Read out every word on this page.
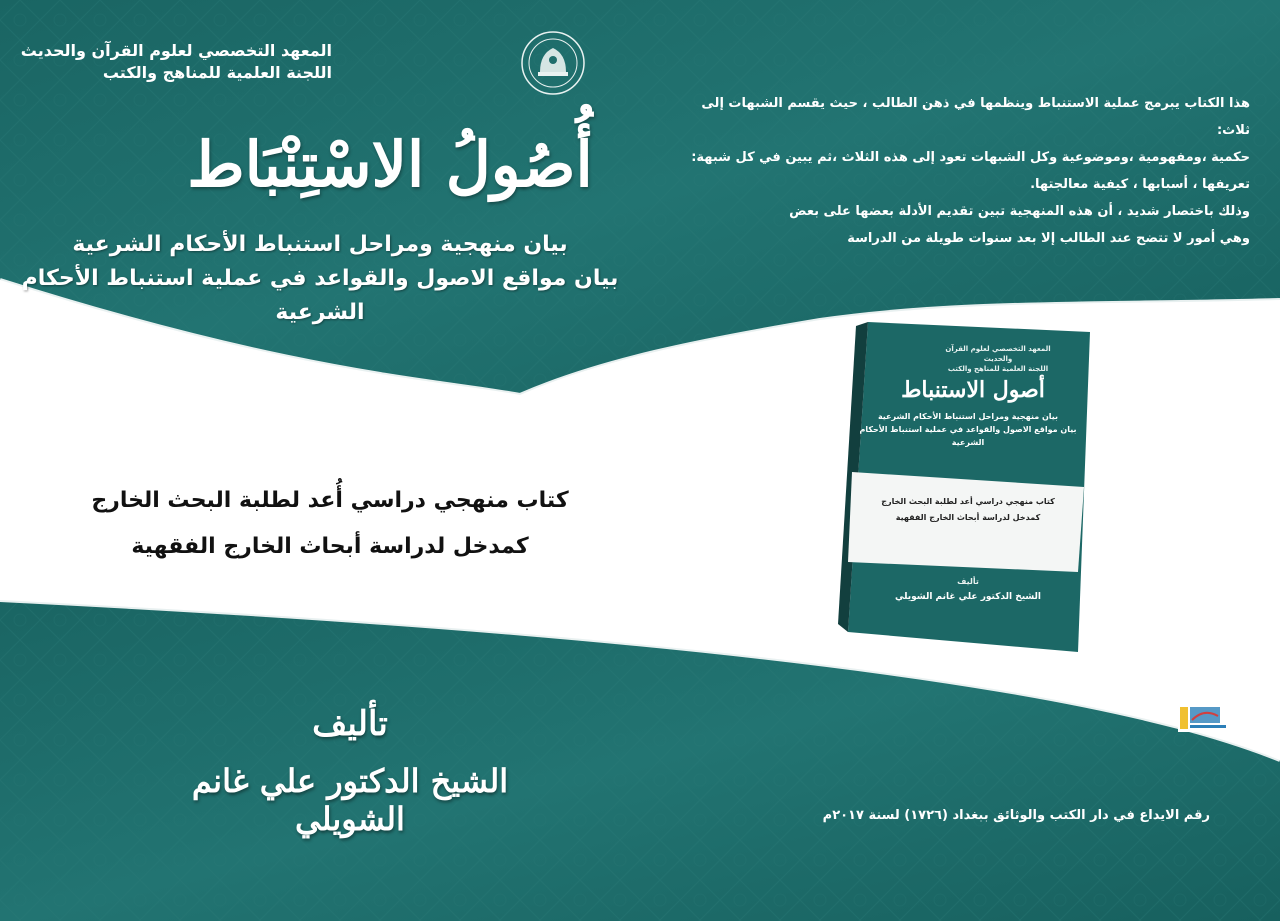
المعهد التخصصي لعلوم القرآن والحديث
اللجنة العلمية للمناهج والكتب
أُصُولُ الاسْتِنْبَاط
بيان منهجية ومراحل استنباط الأحكام الشرعية
بيان مواقع الاصول والقواعد في عملية استنباط الأحكام الشرعية
هذا الكتاب يبرمج عملية الاستنباط وينظمها في ذهن الطالب ، حيث يقسم الشبهات إلى ثلاث:
حكمية ،ومفهومية ،وموضوعية وكل الشبهات تعود إلى هذه الثلاث ،ثم يبين في كل شبهة:
تعريفها ، أسبابها ، كيفية معالجتها.
وذلك باختصار شديد ، أن هذه المنهجية تبين تقديم الأدلة بعضها على بعض
وهي أمور لا تتضح عند الطالب إلا بعد سنوات طويلة من الدراسة
كتاب منهجي دراسي أُعد لطلبة البحث الخارج
كمدخل لدراسة أبحاث الخارج الفقهية
تأليف
الشيخ الدكتور علي غانم الشويلي	رقم الايداع في دار الكتب والوثائق ببغداد (١٧٢٦) لسنة ٢٠١٧م
المعهد التخصصي لعلوم القرآن والحديث
اللجنة العلمية للمناهج والكتب
أصول الاستنباط
بيان منهجية ومراحل استنباط الأحكام الشرعية
بيان مواقع الاصول والقواعد في عملية استنباط الأحكام الشرعية
كتاب منهجي دراسي أعد لطلبة البحث الخارج
كمدخل لدراسة أبحاث الخارج الفقهية
تأليف
الشيخ الدكتور علي غانم الشويلي
